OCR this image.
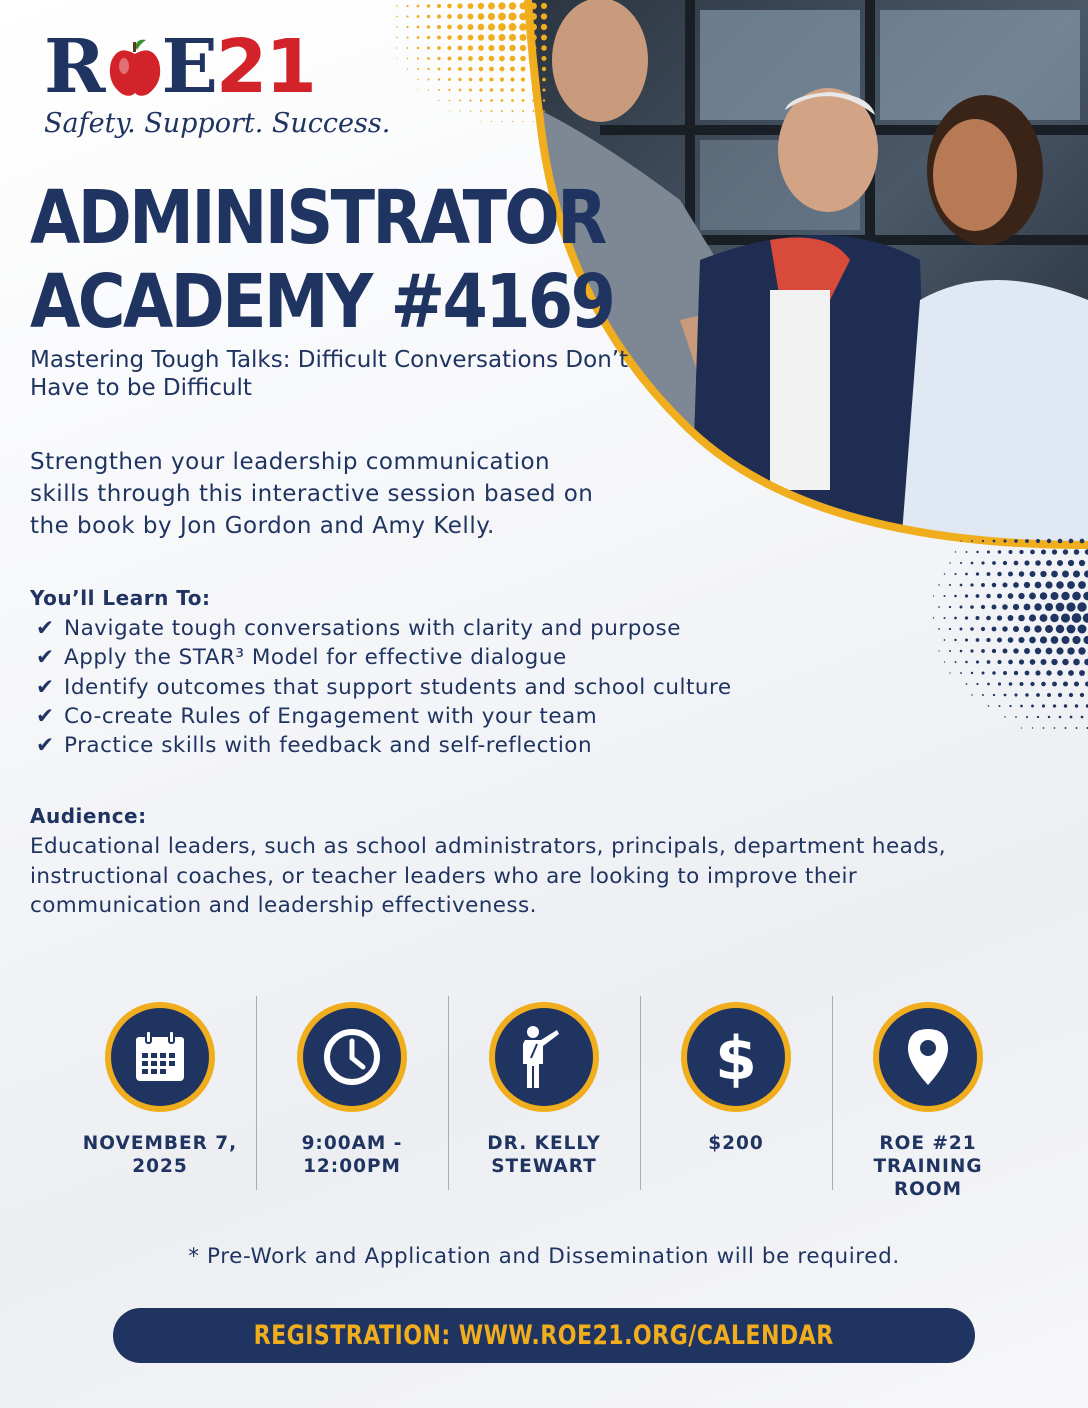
R E21
Safety. Support. Success.
ADMINISTRATOR
ACADEMY #4169
Mastering Tough Talks: Difficult Conversations Don’t Have to be Difficult
Strengthen your leadership communication skills through this interactive session based on the book by Jon Gordon and Amy Kelly.
You’ll Learn To:
✔ Navigate tough conversations with clarity and purpose
✔ Apply the STAR³ Model for effective dialogue
✔ Identify outcomes that support students and school culture
✔ Co-create Rules of Engagement with your team
✔ Practice skills with feedback and self-reflection
Audience:
Educational leaders, such as school administrators, principals, department heads, instructional coaches, or teacher leaders who are looking to improve their communication and leadership effectiveness.
NOVEMBER 7,
2025
9:00AM -
12:00PM
DR. KELLY
STEWART
$
$200	ROE #21
TRAINING
ROOM
* Pre-Work and Application and Dissemination will be required.
REGISTRATION: WWW.ROE21.ORG/CALENDAR
